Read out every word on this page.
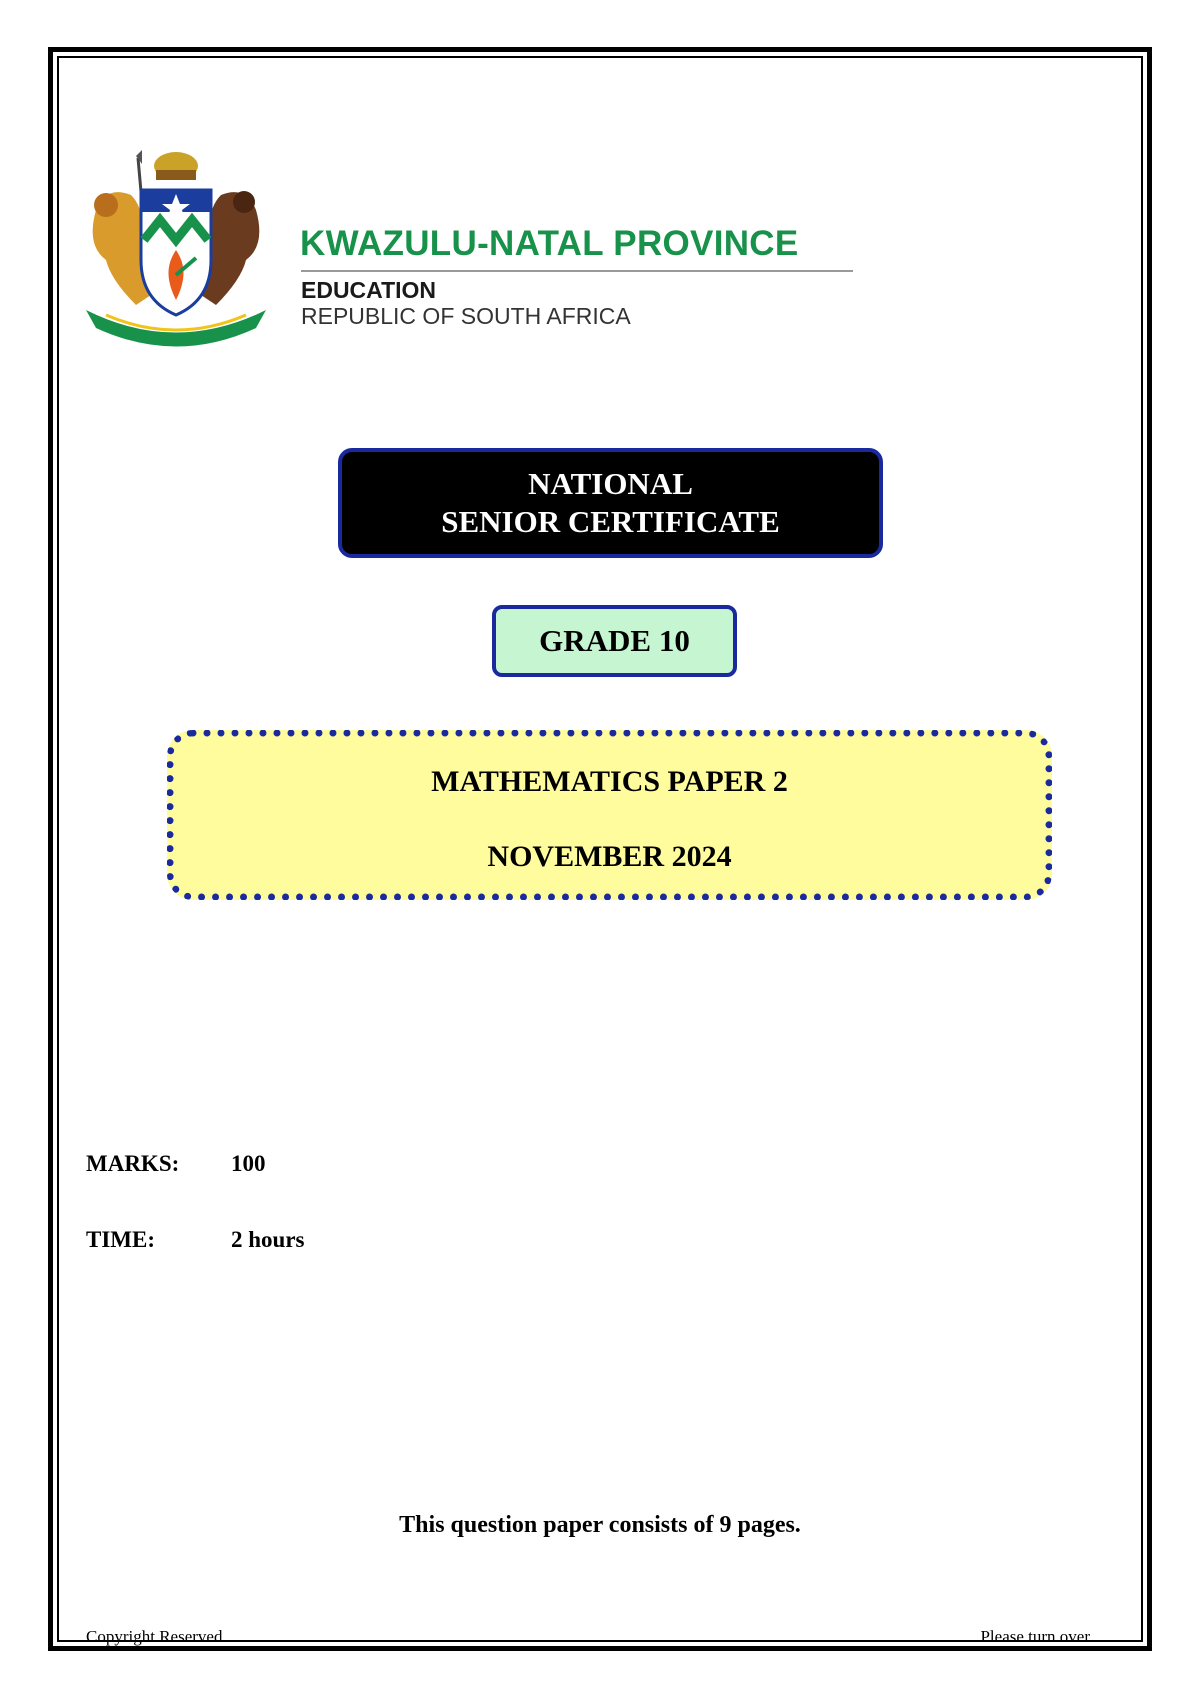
KWAZULU-NATAL PROVINCE
EDUCATION
REPUBLIC OF SOUTH AFRICA
NATIONAL
SENIOR CERTIFICATE
GRADE 10
MATHEMATICS PAPER 2
NOVEMBER 2024
MARKS: 100
TIME:	2 hours
This question paper consists of 9 pages.
Copyright Reserved	Please turn over
